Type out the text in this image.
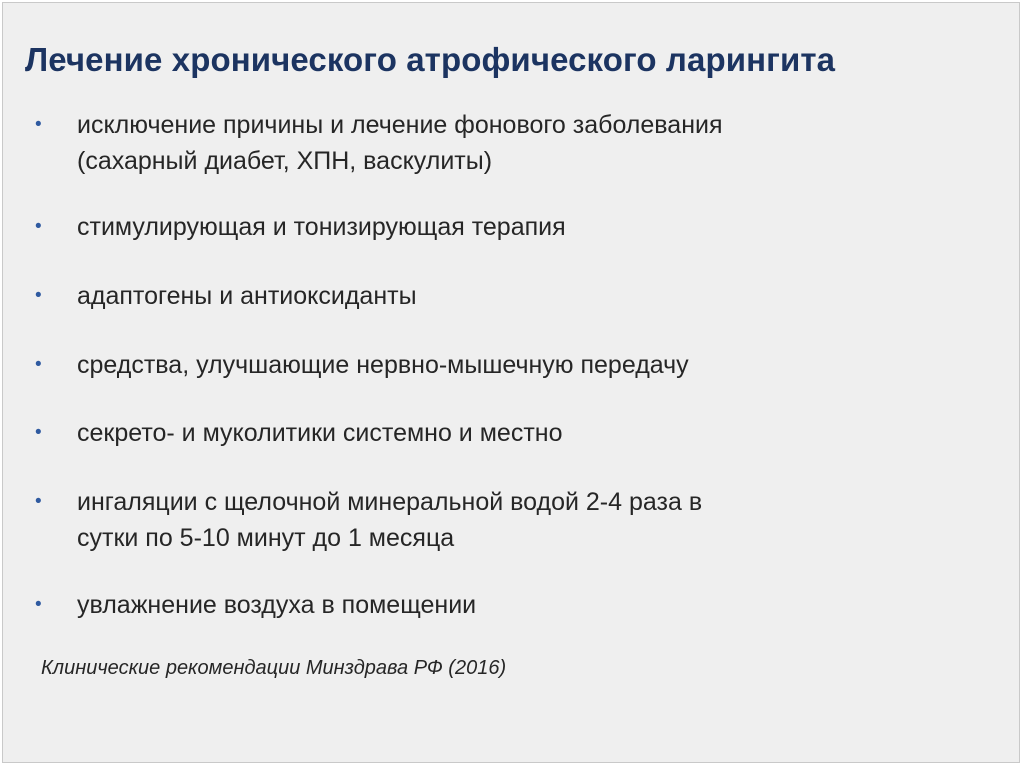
Лечение хронического атрофического ларингита
•	исключение причины и лечение фонового заболевания
(сахарный диабет, ХПН, васкулиты)
•	стимулирующая и тонизирующая терапия
•	адаптогены и антиоксиданты
•	средства, улучшающие нервно-мышечную передачу
•	секрето- и муколитики системно и местно
•	ингаляции с щелочной минеральной водой 2-4 раза в
сутки по 5-10 минут до 1 месяца
•	увлажнение воздуха в помещении
Клинические рекомендации Минздрава РФ (2016)
